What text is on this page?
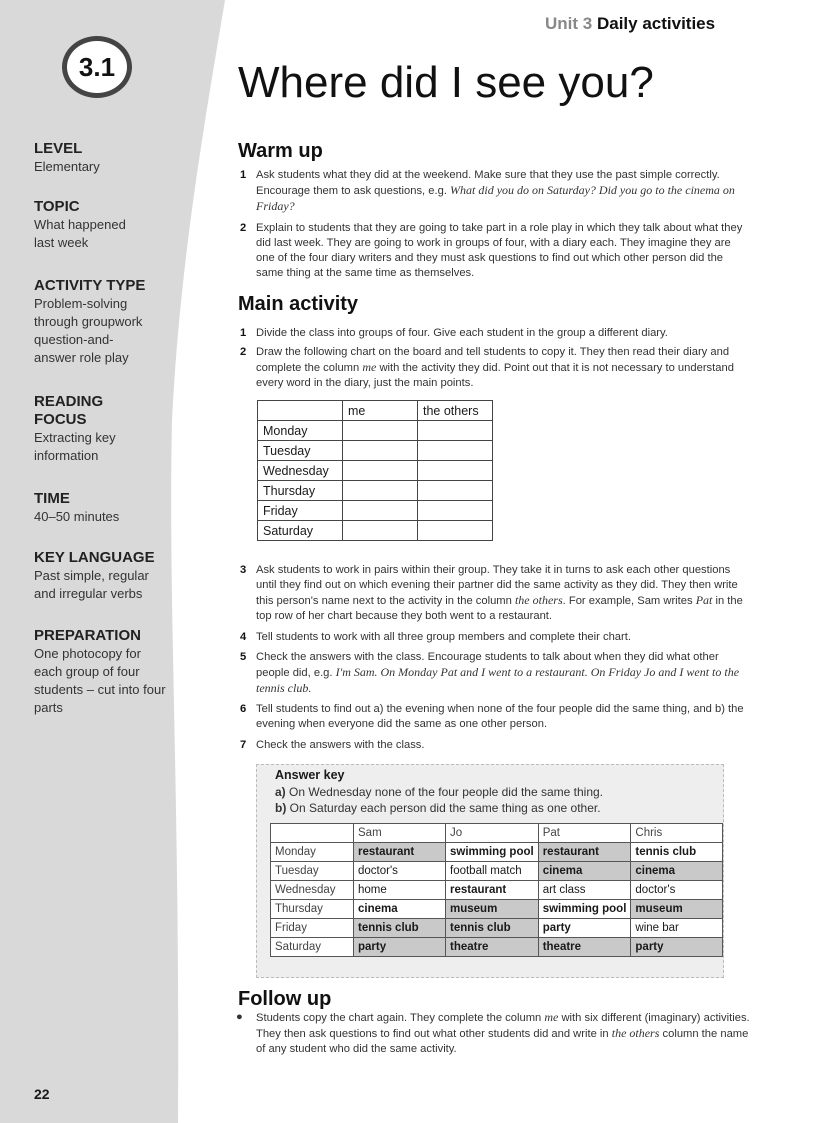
3.1
LEVEL
Elementary
TOPIC
What happened
last week
ACTIVITY TYPE
Problem-solving
through groupwork
question-and-
answer role play
READING
FOCUS
Extracting key
information
TIME
40–50 minutes
KEY LANGUAGE
Past simple, regular
and irregular verbs
PREPARATION
One photocopy for
each group of four
students – cut into four
parts
22
Unit 3 Daily activities
Where did I see you?
Warm up
1 Ask students what they did at the weekend. Make sure that they use the past simple correctly. Encourage them to ask questions, e.g. What did you do on Saturday? Did you go to the cinema on Friday?
2 Explain to students that they are going to take part in a role play in which they talk about what they did last week. They are going to work in groups of four, with a diary each. They imagine they are one of the four diary writers and they must ask questions to find out which other person did the same thing at the same time as themselves.
Main activity
1 Divide the class into groups of four. Give each student in the group a different diary.
2 Draw the following chart on the board and tell students to copy it. They then read their diary and complete the column me with the activity they did. Point out that it is not necessary to understand every word in the diary, just the main points.
	me	the others
Monday		
Tuesday		
Wednesday		
Thursday		
Friday		
Saturday		
3 Ask students to work in pairs within their group. They take it in turns to ask each other questions until they find out on which evening their partner did the same activity as they did. They then write this person's name next to the activity in the column the others. For example, Sam writes Pat in the top row of her chart because they both went to a restaurant.
4 Tell students to work with all three group members and complete their chart.
5 Check the answers with the class. Encourage students to talk about when they did what other people did, e.g. I'm Sam. On Monday Pat and I went to a restaurant. On Friday Jo and I went to the tennis club.
6 Tell students to find out a) the evening when none of the four people did the same thing, and b) the evening when everyone did the same as one other person.
7 Check the answers with the class.
Answer key
a) On Wednesday none of the four people did the same thing.
b) On Saturday each person did the same thing as one other.
	Sam	Jo	Pat	Chris
Monday	restaurant	swimming pool	restaurant	tennis club
Tuesday	doctor's	football match	cinema	cinema
Wednesday	home	restaurant	art class	doctor's
Thursday	cinema	museum	swimming pool	museum
Friday	tennis club	tennis club	party	wine bar
Saturday	party	theatre	theatre	party
Follow up
● Students copy the chart again. They complete the column me with six different (imaginary) activities. They then ask questions to find out what other students did and write in the others column the name of any student who did the same activity.
